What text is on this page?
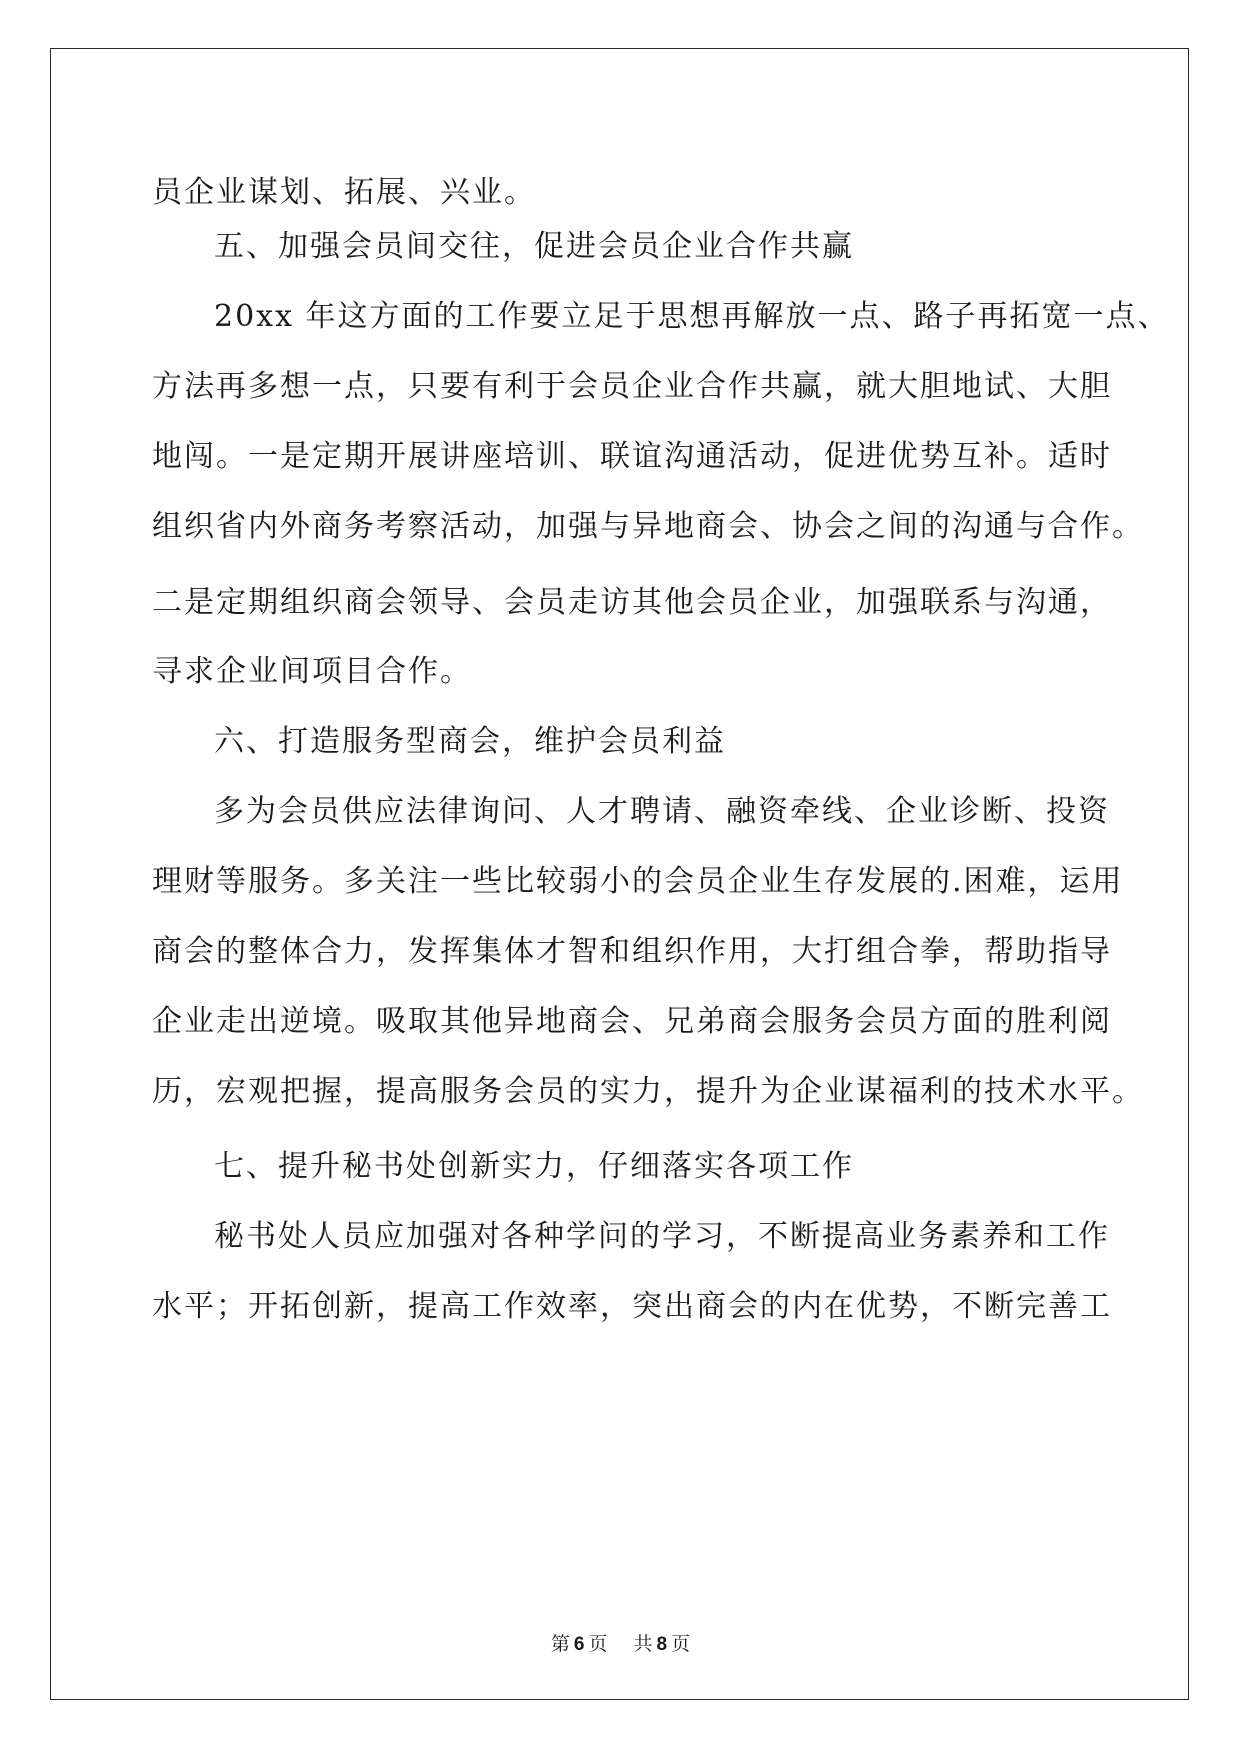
员企业谋划、拓展、兴业。
五、加强会员间交往，促进会员企业合作共赢
20xx 年这方面的工作要立足于思想再解放一点、路子再拓宽一点、
方法再多想一点，只要有利于会员企业合作共赢，就大胆地试、大胆
地闯。一是定期开展讲座培训、联谊沟通活动，促进优势互补。适时
组织省内外商务考察活动，加强与异地商会、协会之间的沟通与合作。
二是定期组织商会领导、会员走访其他会员企业，加强联系与沟通，
寻求企业间项目合作。
六、打造服务型商会，维护会员利益
多为会员供应法律询问、人才聘请、融资牵线、企业诊断、投资
理财等服务。多关注一些比较弱小的会员企业生存发展的.困难，运用
商会的整体合力，发挥集体才智和组织作用，大打组合拳，帮助指导
企业走出逆境。吸取其他异地商会、兄弟商会服务会员方面的胜利阅
历，宏观把握，提高服务会员的实力，提升为企业谋福利的技术水平。
七、提升秘书处创新实力，仔细落实各项工作
秘书处人员应加强对各种学问的学习，不断提高业务素养和工作
水平；开拓创新，提高工作效率，突出商会的内在优势，不断完善工
第 6 页 共 8 页
